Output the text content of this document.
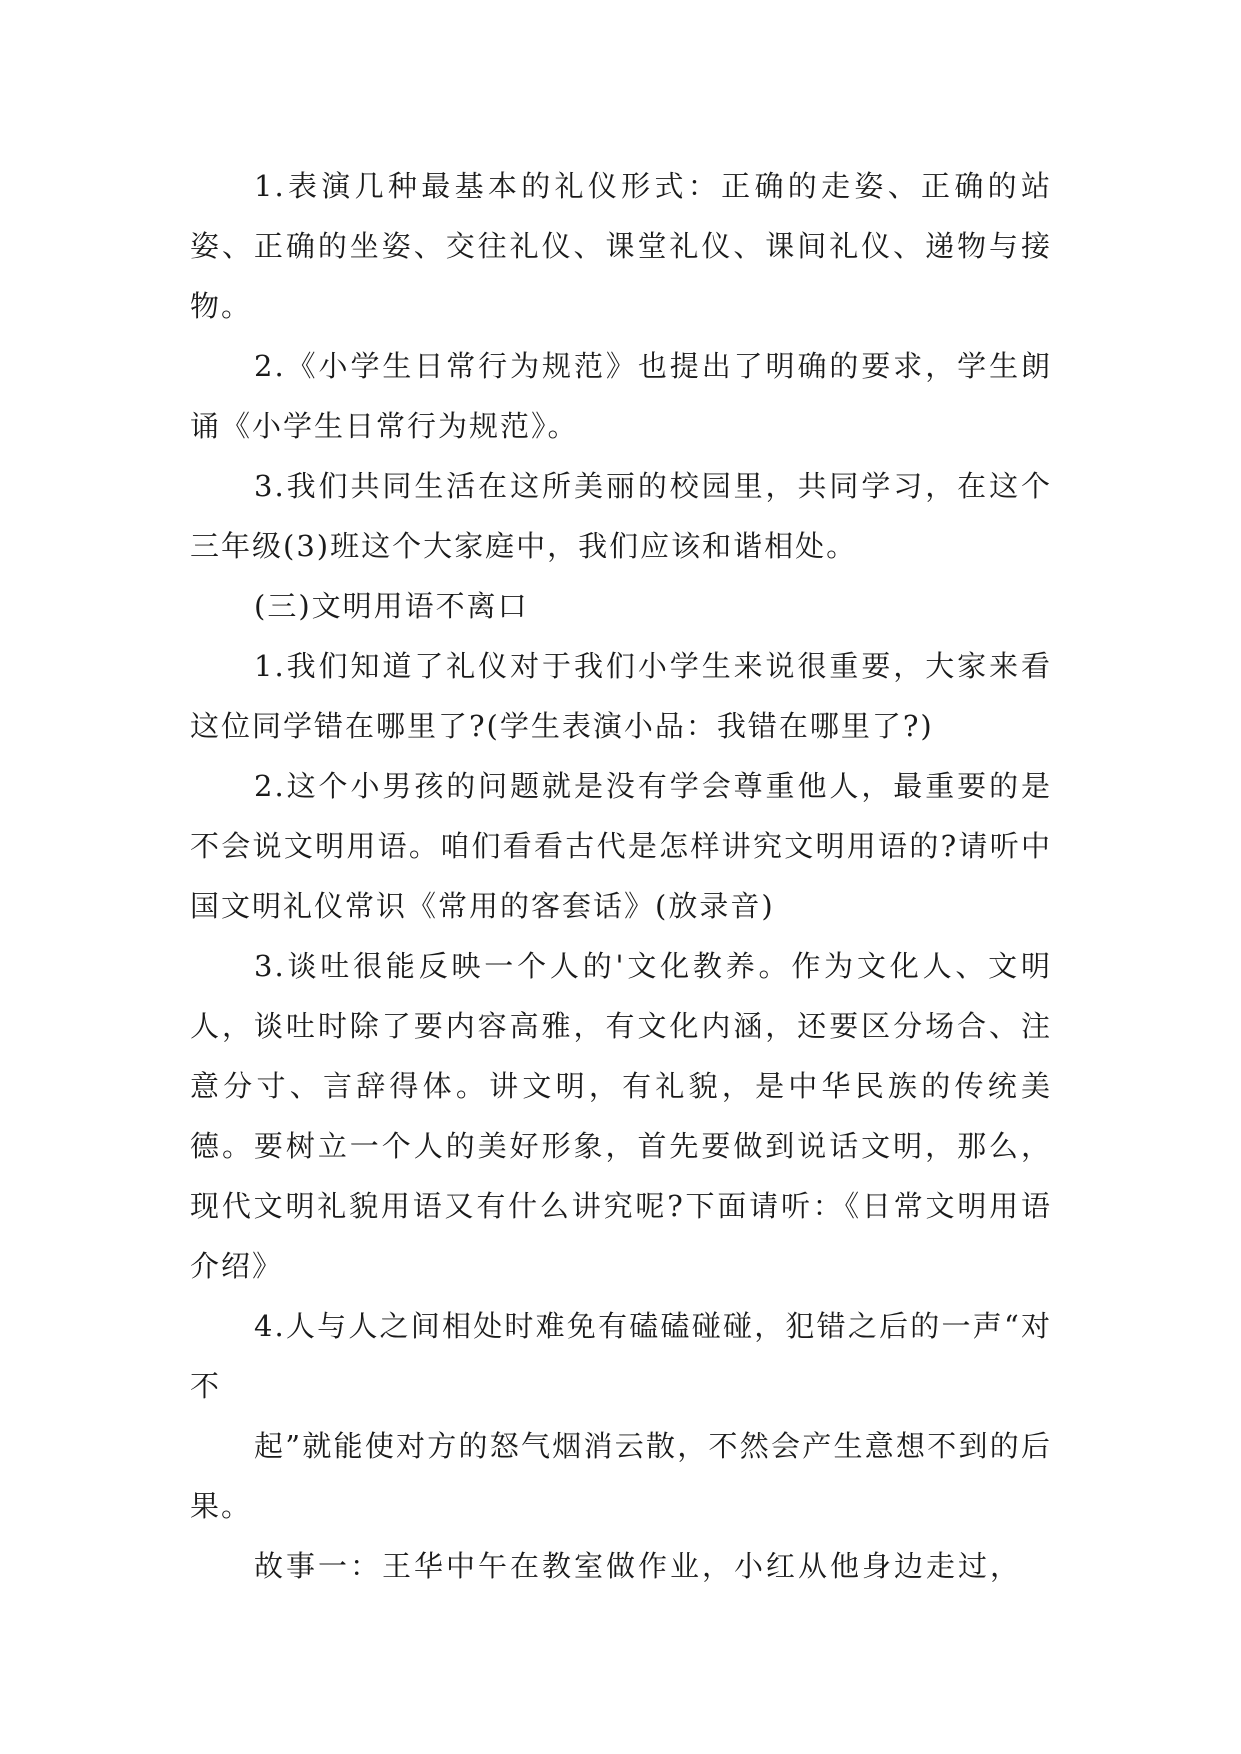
1.表演几种最基本的礼仪形式：正确的走姿、正确的站姿、正确的坐姿、交往礼仪、课堂礼仪、课间礼仪、递物与接物。

2.《小学生日常行为规范》也提出了明确的要求，学生朗诵《小学生日常行为规范》。

3.我们共同生活在这所美丽的校园里，共同学习，在这个三年级(3)班这个大家庭中，我们应该和谐相处。

(三)文明用语不离口

1.我们知道了礼仪对于我们小学生来说很重要，大家来看这位同学错在哪里了?(学生表演小品：我错在哪里了?)

2.这个小男孩的问题就是没有学会尊重他人，最重要的是不会说文明用语。咱们看看古代是怎样讲究文明用语的?请听中国文明礼仪常识《常用的客套话》(放录音)

3.谈吐很能反映一个人的'文化教养。作为文化人、文明人，谈吐时除了要内容高雅，有文化内涵，还要区分场合、注意分寸、言辞得体。讲文明，有礼貌，是中华民族的传统美德。要树立一个人的美好形象，首先要做到说话文明，那么，现代文明礼貌用语又有什么讲究呢?下面请听：《日常文明用语介绍》

4.人与人之间相处时难免有磕磕碰碰，犯错之后的一声“对不

起”就能使对方的怒气烟消云散，不然会产生意想不到的后果。

故事一：王华中午在教室做作业，小红从他身边走过，
